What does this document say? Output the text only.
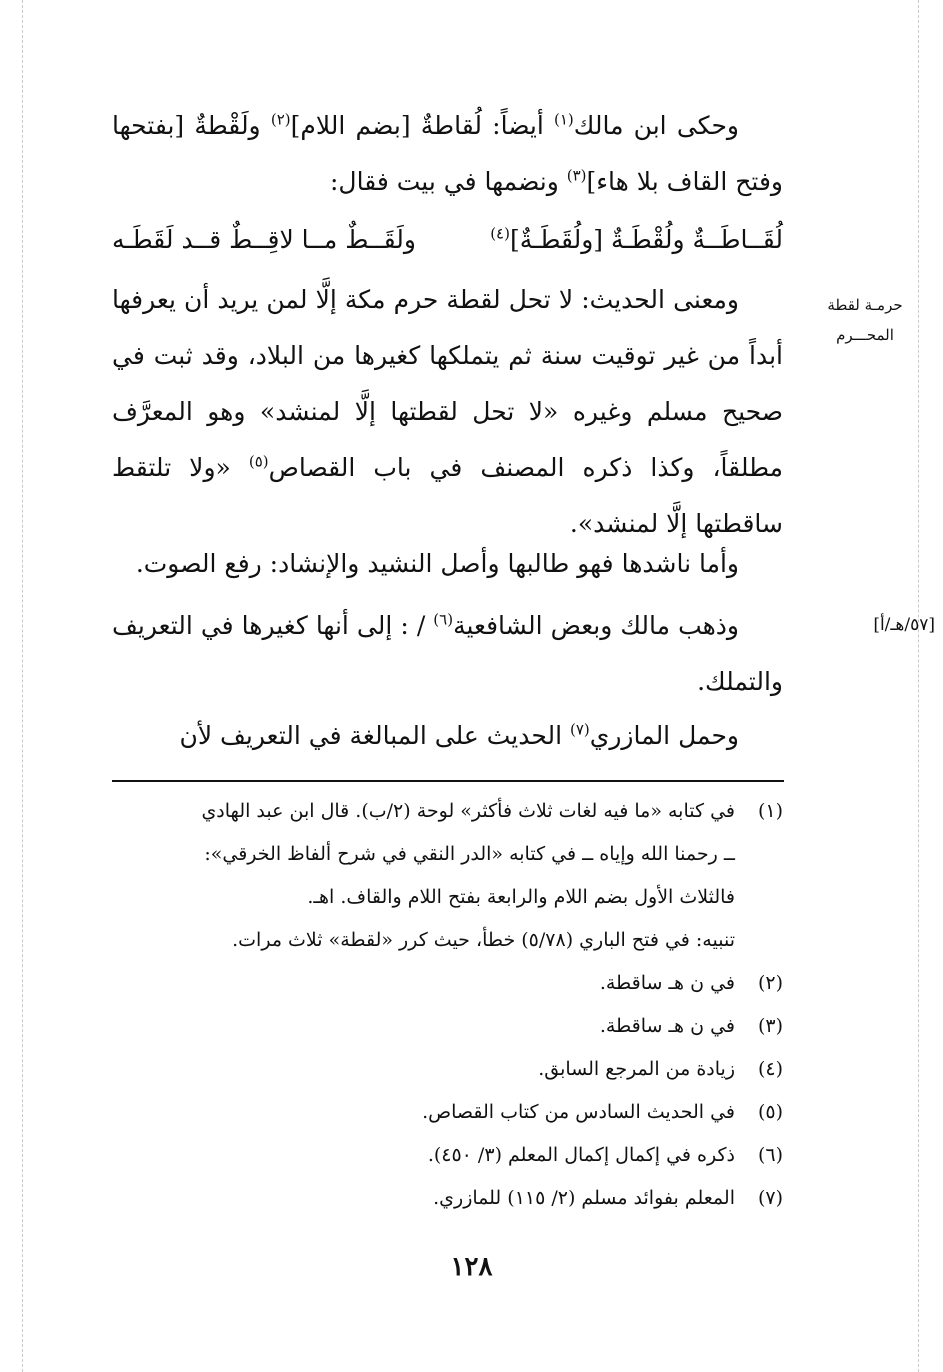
وحكى ابن مالك$^{(١)}$ أيضاً: لُقاطةٌ [بضم اللام]$^{(٢)}$ ولَقْطةٌ [بفتحها وفتح القاف بلا هاء]$^{(٣)}$ ونضمها في بيت فقال:

لُقَــاطَــةٌ ولُقْطَـةٌ [ولُقَطَـةٌ]$^{(٤)}$
ولَقَــطٌ مــا لاقِــطٌ قــد لَقَطَـه
حرمـة لقطة
المحـــرم

ومعنى الحديث: لا تحل لقطة حرم مكة إلَّا لمن يريد أن يعرفها أبداً من غير توقيت سنة ثم يتملكها كغيرها من البلاد، وقد ثبت في صحيح مسلم وغيره «لا تحل لقطتها إلَّا لمنشد» وهو المعرَّف مطلقاً، وكذا ذكره المصنف في باب القصاص$^{(٥)}$ «ولا تلتقط ساقطتها إلَّا لمنشد».

وأما ناشدها فهو طالبها وأصل النشيد والإنشاد: رفع الصوت.

[٥٧/هـ/أ]

وذهب مالك وبعض الشافعية$^{(٦)}$ / : إلى أنها كغيرها في التعريف والتملك.

وحمل المازري$^{(٧)}$ الحديث على المبالغة في التعريف لأن

(١)
في كتابه «ما فيه لغات ثلاث فأكثر» لوحة (٢/ب). قال ابن عبد الهادي
ــ رحمنا الله وإياه ــ في كتابه «الدر النقي في شرح ألفاظ الخرقي»:
فالثلاث الأول بضم اللام والرابعة بفتح اللام والقاف. اهـ.
تنبيه: في فتح الباري (٥/٧٨) خطأ، حيث كرر «لقطة» ثلاث مرات.
(٢)
في ن هـ ساقطة.
(٣)
في ن هـ ساقطة.
(٤)
زيادة من المرجع السابق.
(٥)
في الحديث السادس من كتاب القصاص.
(٦)
ذكره في إكمال إكمال المعلم (٣/ ٤٥٠).
(٧)
المعلم بفوائد مسلم (٢/ ١١٥) للمازري.
١٢٨
